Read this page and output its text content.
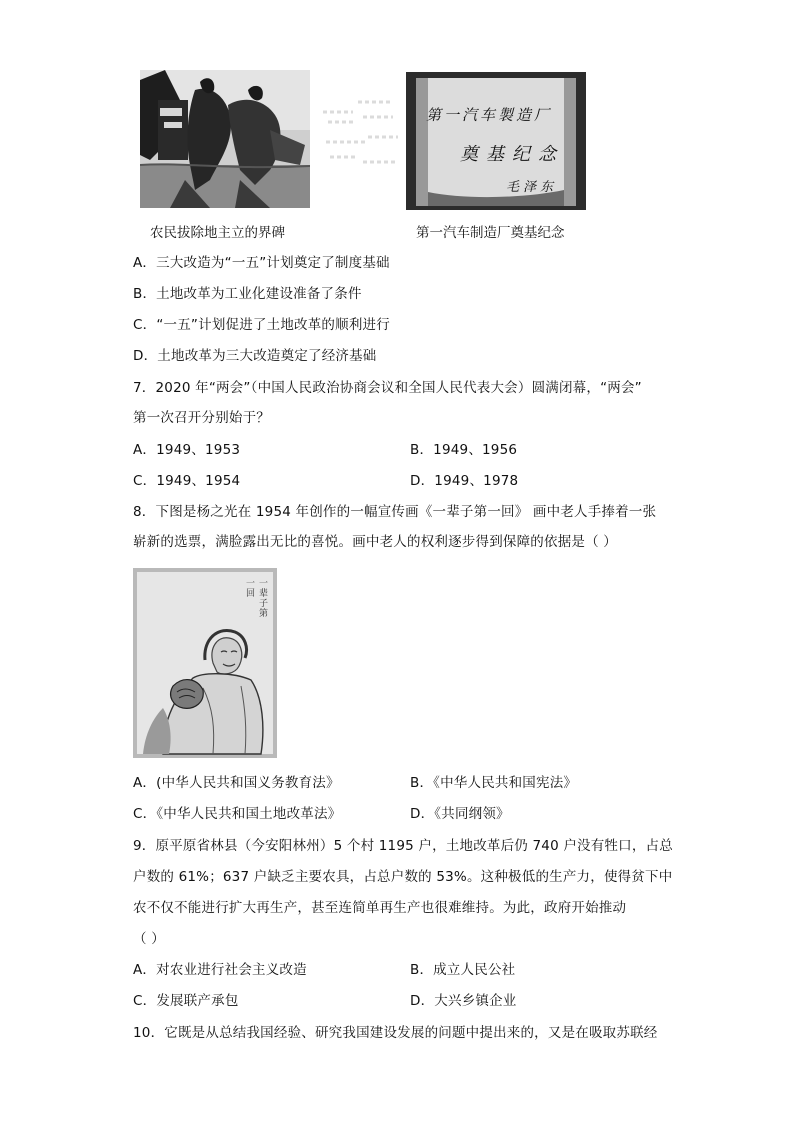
第一汽车製造厂
奠基纪念
毛泽东
农民拔除地主立的界碑	第一汽车制造厂奠基纪念
A．三大改造为“一五”计划奠定了制度基础
B．土地改革为工业化建设准备了条件
C．“一五”计划促进了土地改革的顺利进行
D．土地改革为三大改造奠定了经济基础
7．2020 年“两会”（中国人民政治协商会议和全国人民代表大会）圆满闭幕，“两会”
第一次召开分别始于？
A．1949、1953	B．1949、1956
C．1949、1954	D．1949、1978
8．下图是杨之光在 1954 年创作的一幅宣传画《一辈子第一回》 画中老人手捧着一张
崭新的选票，满脸露出无比的喜悦。画中老人的权利逐步得到保障的依据是（ ）
一辈子第一回
A．(中华人民共和国义务教育法》	B．《中华人民共和国宪法》
C．《中华人民共和国土地改革法》	D．《共同纲领》
9．原平原省林县（今安阳林州）5 个村 1195 户，土地改革后仍 740 户没有牲口，占总
户数的 61%；637 户缺乏主要农具，占总户数的 53%。这种极低的生产力，使得贫下中
农不仅不能进行扩大再生产，甚至连简单再生产也很难维持。为此，政府开始推动
（ ）
A．对农业进行社会主义改造	B．成立人民公社
C．发展联产承包	D．大兴乡镇企业
10．它既是从总结我国经验、研究我国建设发展的问题中提出来的，又是在吸取苏联经
